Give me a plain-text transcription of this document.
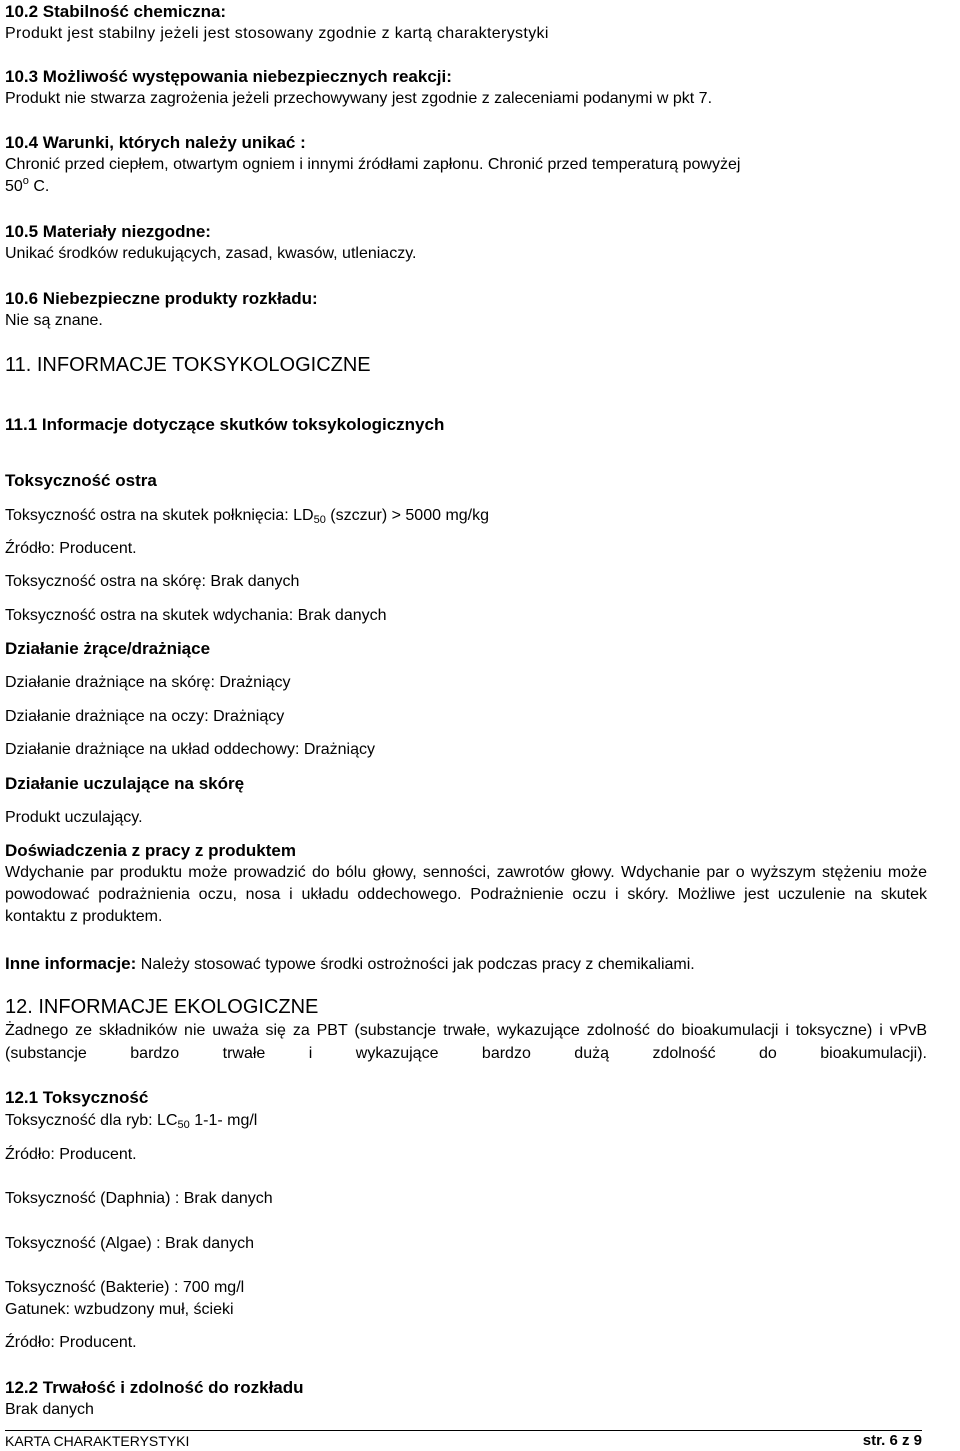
10.2 Stabilność chemiczna:
Produkt jest stabilny jeżeli jest stosowany zgodnie z kartą charakterystyki
10.3 Możliwość występowania niebezpiecznych reakcji:
Produkt nie stwarza zagrożenia jeżeli przechowywany jest zgodnie z zaleceniami podanymi w pkt 7.
10.4 Warunki, których należy unikać :
Chronić przed ciepłem, otwartym ogniem i innymi źródłami zapłonu. Chronić przed temperaturą powyżej
50$^o$ C.
10.5 Materiały niezgodne:
Unikać środków redukujących, zasad, kwasów, utleniaczy.
10.6 Niebezpieczne produkty rozkładu:
Nie są znane.
11. INFORMACJE TOKSYKOLOGICZNE
11.1 Informacje dotyczące skutków toksykologicznych
Toksyczność ostra
Toksyczność ostra na skutek połknięcia: $LD_{50}$ (szczur) > 5000 mg/kg
Źródło: Producent.
Toksyczność ostra na skórę: Brak danych
Toksyczność ostra na skutek wdychania: Brak danych
Działanie żrące/drażniące
Działanie drażniące na skórę: Drażniący
Działanie drażniące na oczy: Drażniący
Działanie drażniące na układ oddechowy: Drażniący
Działanie uczulające na skórę
Produkt uczulający.
Doświadczenia z pracy z produktem
Wdychanie par produktu może prowadzić do bólu głowy, senności, zawrotów głowy. Wdychanie par o wyższym stężeniu może powodować podrażnienia oczu, nosa i układu oddechowego. Podrażnienie oczu i skóry. Możliwe jest uczulenie na skutek kontaktu z produktem.
Inne informacje: Należy stosować typowe środki ostrożności jak podczas pracy z chemikaliami.
12. INFORMACJE EKOLOGICZNE
Żadnego ze składników nie uważa się za PBT (substancje trwałe, wykazujące zdolność do bioakumulacji i toksyczne) i vPvB (substancje bardzo trwałe i wykazujące bardzo dużą zdolność do bioakumulacji).
12.1 Toksyczność
Toksyczność dla ryb: $LC_{50}$ 1-1- mg/l
Źródło: Producent.
Toksyczność (Daphnia) : Brak danych
Toksyczność (Algae) : Brak danych
Toksyczność (Bakterie) : 700 mg/l
Gatunek: wzbudzony muł, ścieki
Źródło: Producent.
12.2 Trwałość i zdolność do rozkładu
Brak danych
KARTA CHARAKTERYSTYKI	str. 6 z 9
